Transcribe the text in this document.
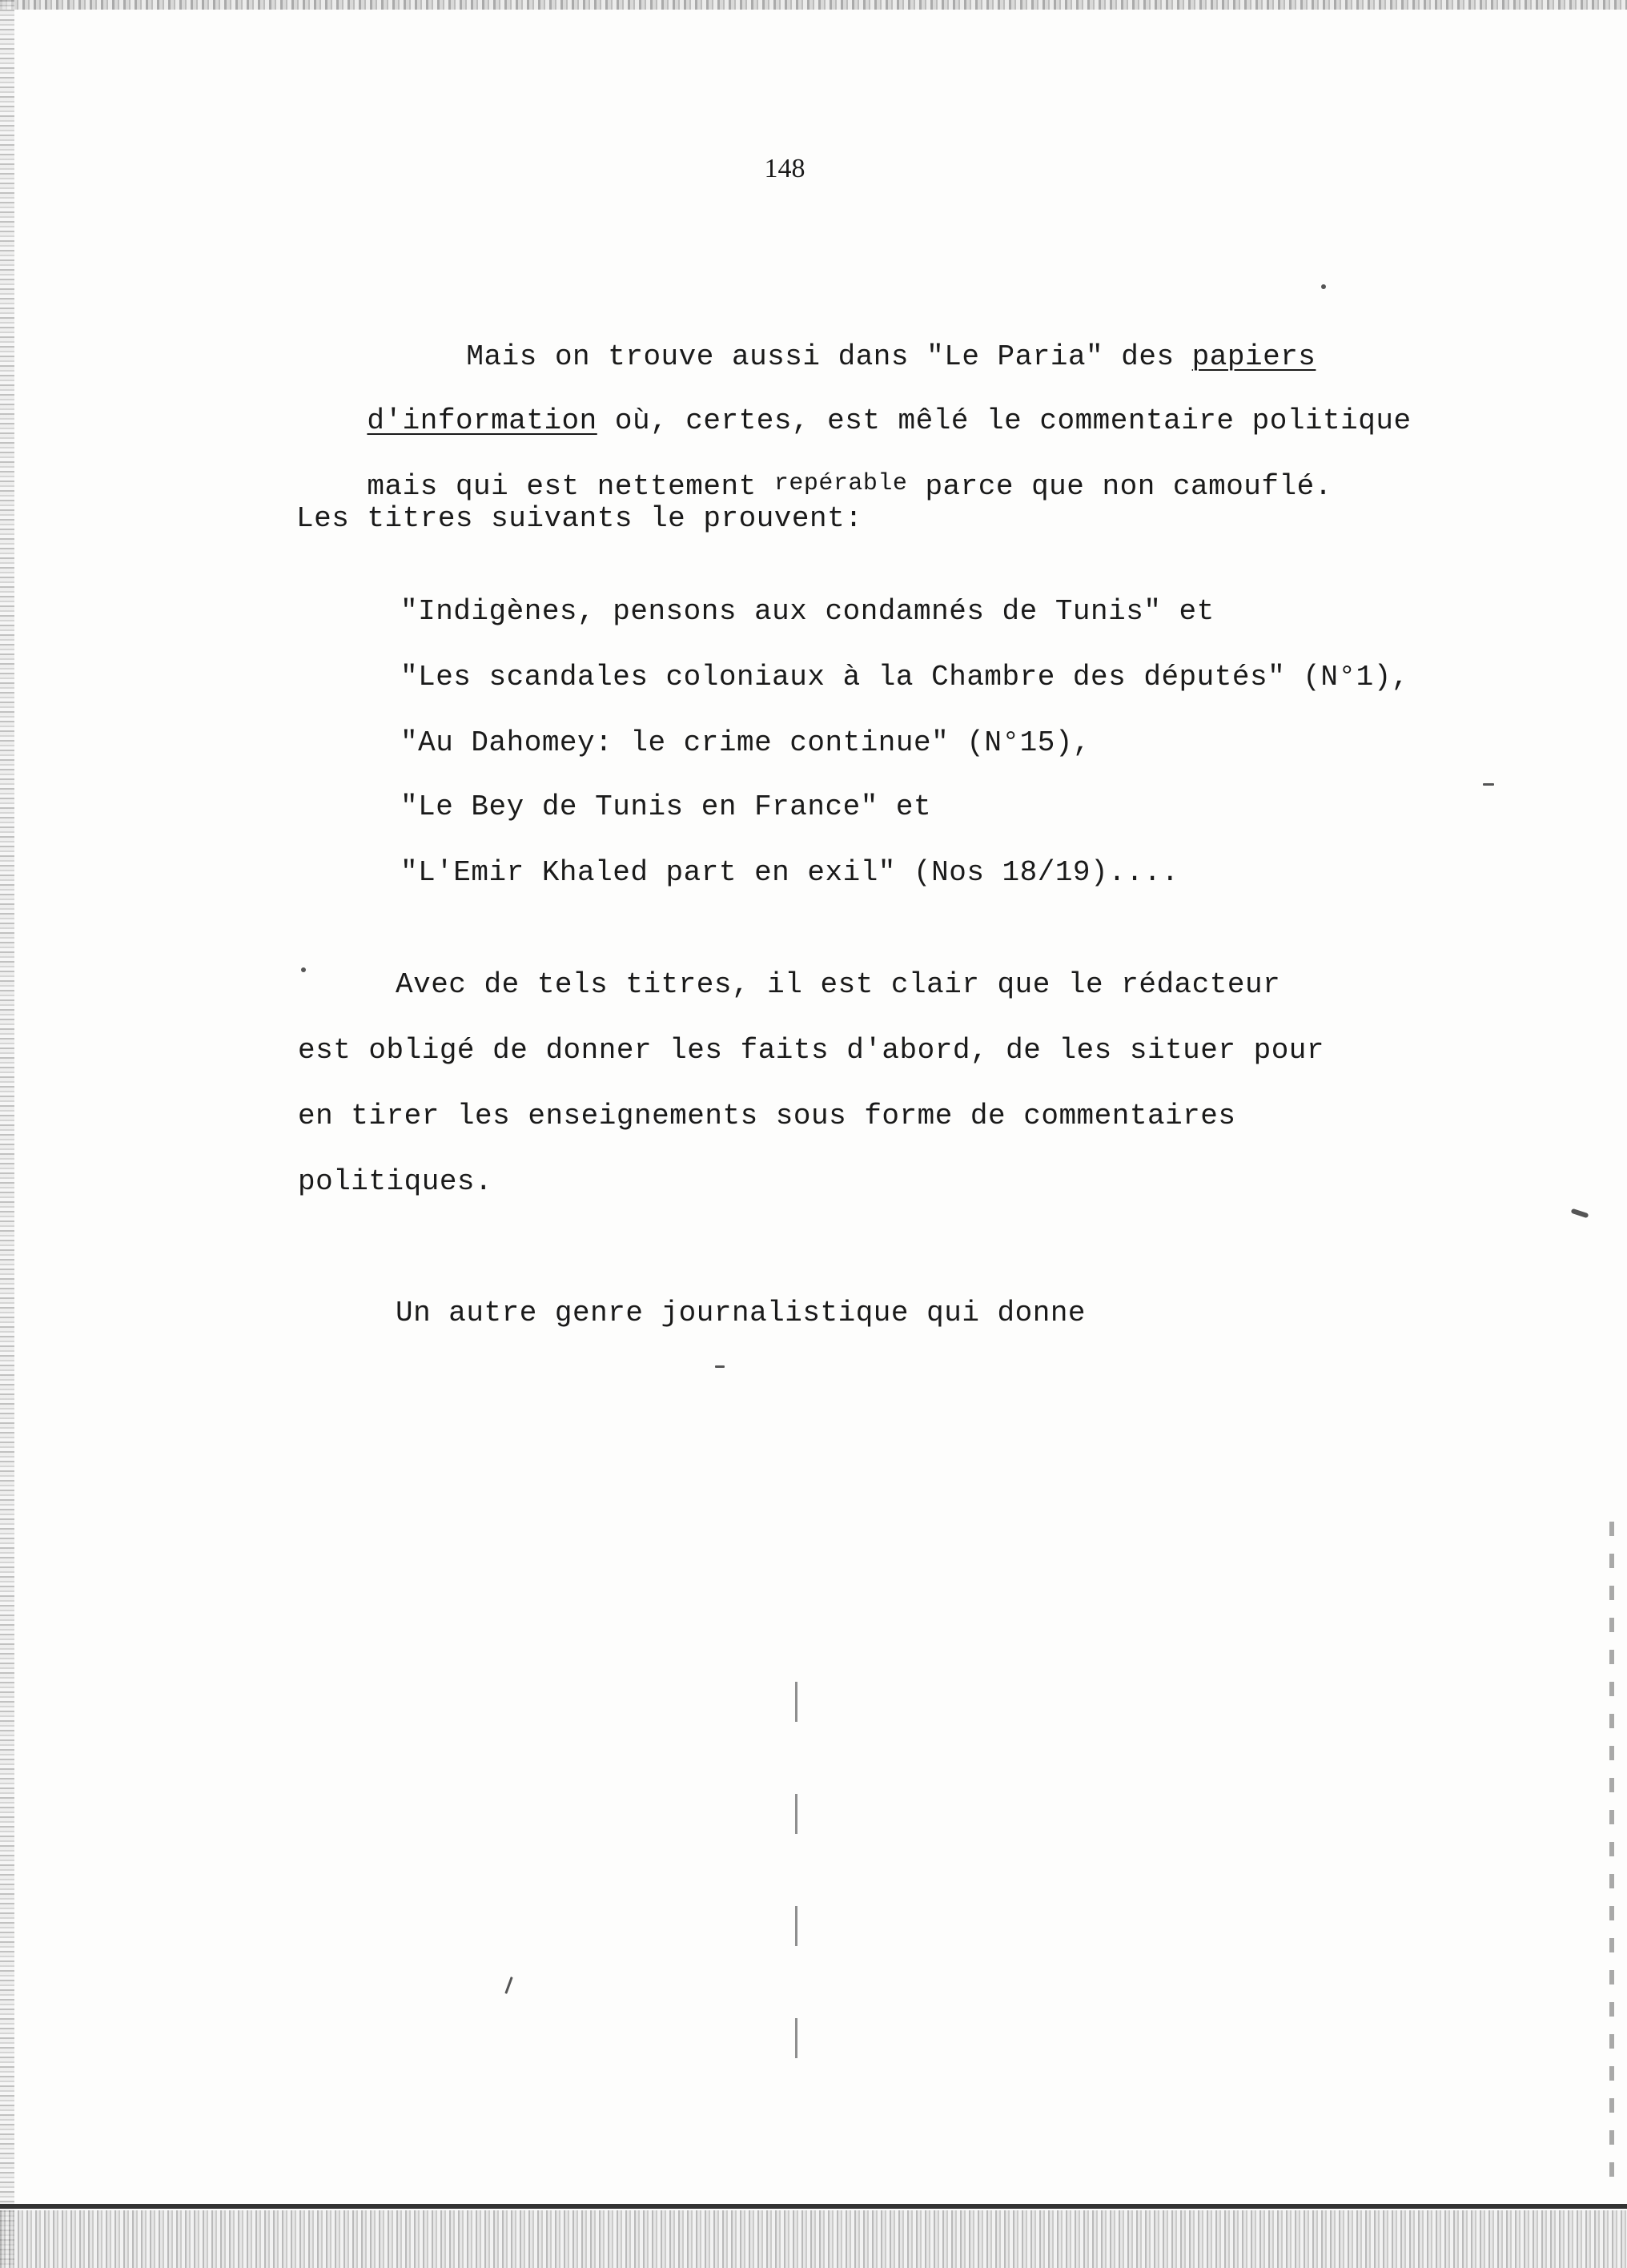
148

Mais on trouve aussi dans "Le Paria" des papiers

d'information où, certes, est mêlé le commentaire politique

mais qui est nettement repérable parce que non camouflé.

Les titres suivants le prouvent:
"Indigènes, pensons aux condamnés de Tunis" et
"Les scandales coloniaux à la Chambre des députés" (N°1),
"Au Dahomey: le crime continue" (N°15),
"Le Bey de Tunis en France" et
"L'Emir Khaled part en exil" (Nos 18/19)....
Avec de tels titres, il est clair que le rédacteur
est obligé de donner les faits d'abord, de les situer pour
en tirer les enseignements sous forme de commentaires
politiques.
Un autre genre journalistique qui donne
